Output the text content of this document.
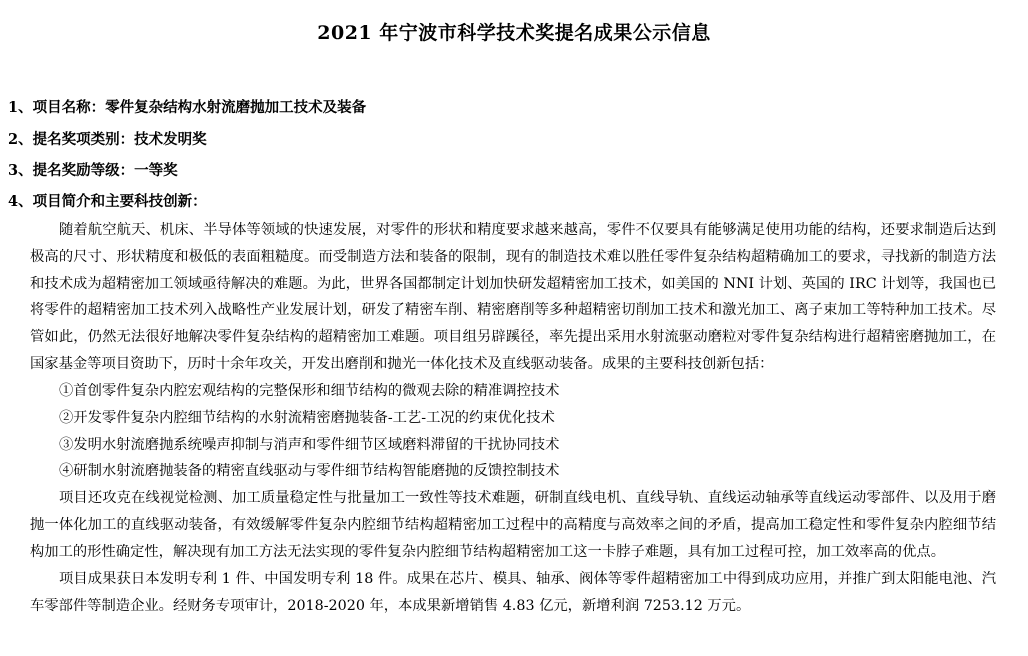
2021 年宁波市科学技术奖提名成果公示信息
1、项目名称：零件复杂结构水射流磨抛加工技术及装备
2、提名奖项类别：技术发明奖
3、提名奖励等级：一等奖
4、项目简介和主要科技创新：

随着航空航天、机床、半导体等领域的快速发展，对零件的形状和精度要求越来越高，零件不仅要具有能够满足使用功能的结构，还要求制造后达到极高的尺寸、形状精度和极低的表面粗糙度。而受制造方法和装备的限制，现有的制造技术难以胜任零件复杂结构超精确加工的要求，寻找新的制造方法和技术成为超精密加工领域亟待解决的难题。为此，世界各国都制定计划加快研发超精密加工技术，如美国的 NNI 计划、英国的 IRC 计划等，我国也已将零件的超精密加工技术列入战略性产业发展计划，研发了精密车削、精密磨削等多种超精密切削加工技术和激光加工、离子束加工等特种加工技术。尽管如此，仍然无法很好地解决零件复杂结构的超精密加工难题。项目组另辟蹊径，率先提出采用水射流驱动磨粒对零件复杂结构进行超精密磨抛加工，在国家基金等项目资助下，历时十余年攻关，开发出磨削和抛光一体化技术及直线驱动装备。成果的主要科技创新包括：

①首创零件复杂内腔宏观结构的完整保形和细节结构的微观去除的精准调控技术
②开发零件复杂内腔细节结构的水射流精密磨抛装备-工艺-工况的约束优化技术
③发明水射流磨抛系统噪声抑制与消声和零件细节区域磨料滞留的干扰协同技术
④研制水射流磨抛装备的精密直线驱动与零件细节结构智能磨抛的反馈控制技术

项目还攻克在线视觉检测、加工质量稳定性与批量加工一致性等技术难题，研制直线电机、直线导轨、直线运动轴承等直线运动零部件、以及用于磨抛一体化加工的直线驱动装备，有效缓解零件复杂内腔细节结构超精密加工过程中的高精度与高效率之间的矛盾，提高加工稳定性和零件复杂内腔细节结构加工的形性确定性，解决现有加工方法无法实现的零件复杂内腔细节结构超精密加工这一卡脖子难题，具有加工过程可控，加工效率高的优点。

项目成果获日本发明专利 1 件、中国发明专利 18 件。成果在芯片、模具、轴承、阀体等零件超精密加工中得到成功应用，并推广到太阳能电池、汽车零部件等制造企业。经财务专项审计，2018-2020 年，本成果新增销售 4.83 亿元，新增利润 7253.12 万元。
